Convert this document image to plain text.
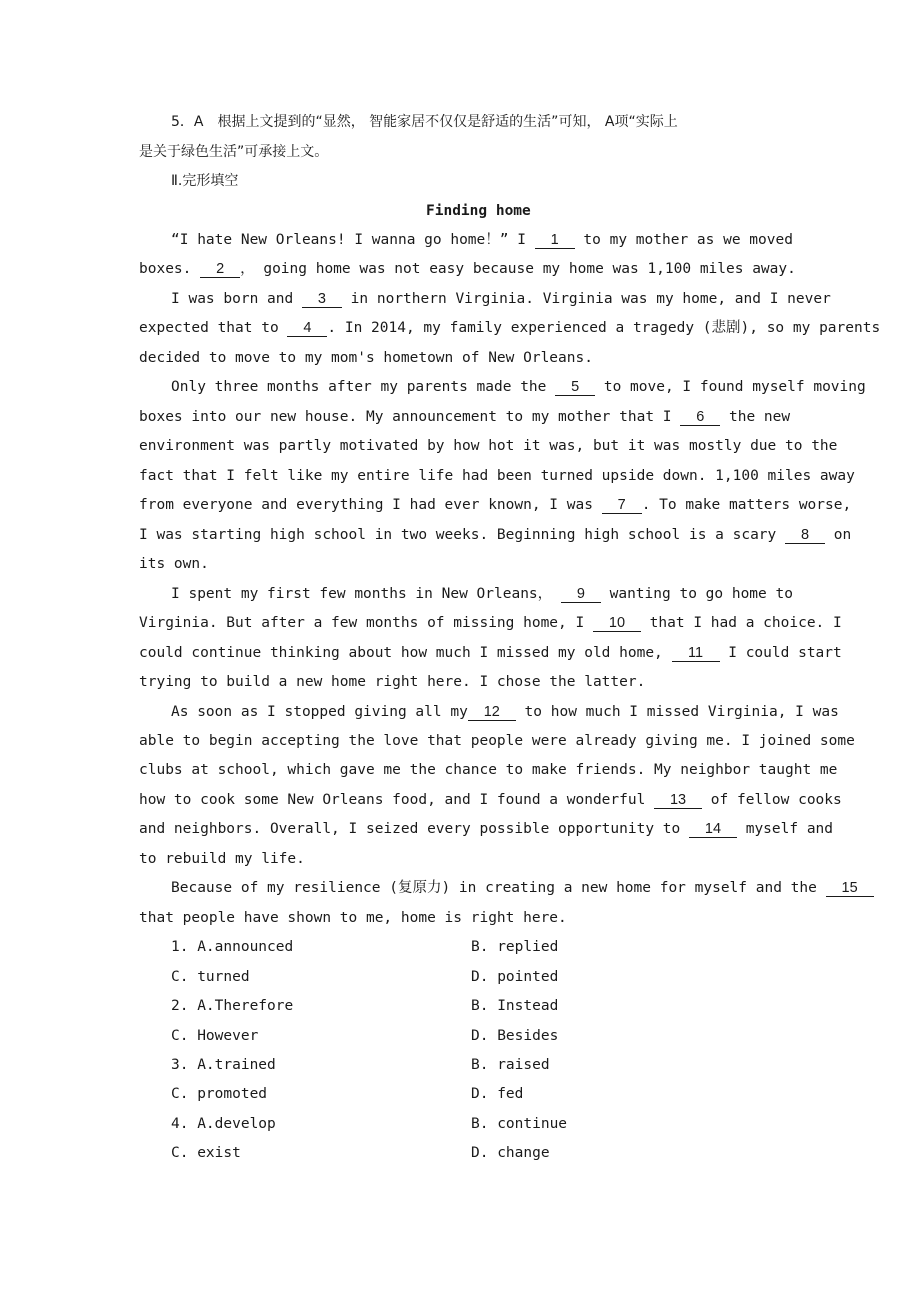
5．A　根据上文提到的“显然， 智能家居不仅仅是舒适的生活”可知， A项“实际上
是关于绿色生活”可承接上文。
Ⅱ.完形填空
Finding home
“I hate New Orleans! I wanna go home！” I 1 to my mother as we moved
boxes. 2 ， going home was not easy because my home was 1,100 miles away.
I was born and 3 in northern Virginia. Virginia was my home, and I never
expected that to 4 . In 2014, my family experienced a tragedy (悲剧), so my parents
decided to move to my mom's hometown of New Orleans.
Only three months after my parents made the 5 to move, I found myself moving
boxes into our new house. My announcement to my mother that I 6 the new
environment was partly motivated by how hot it was, but it was mostly due to the
fact that I felt like my entire life had been turned upside down. 1,100 miles away
from everyone and everything I had ever known, I was 7 . To make matters worse,
I was starting high school in two weeks. Beginning high school is a scary 8 on
its own.
I spent my first few months in New Orleans， 9 wanting to go home to
Virginia. But after a few months of missing home, I 10 that I had a choice. I
could continue thinking about how much I missed my old home, 11 I could start
trying to build a new home right here. I chose the latter.
As soon as I stopped giving all my 12 to how much I missed Virginia, I was
able to begin accepting the love that people were already giving me. I joined some
clubs at school, which gave me the chance to make friends. My neighbor taught me
how to cook some New Orleans food, and I found a wonderful 13 of fellow cooks
and neighbors. Overall, I seized every possible opportunity to 14 myself and
to rebuild my life.
Because of my resilience (复原力) in creating a new home for myself and the 15
that people have shown to me, home is right here.
1. A.announced	B. replied
C. turned	D. pointed
2. A.Therefore	B. Instead
C. However	D. Besides
3. A.trained	B. raised
C. promoted	D. fed
4. A.develop	B. continue
C. exist	D. change
